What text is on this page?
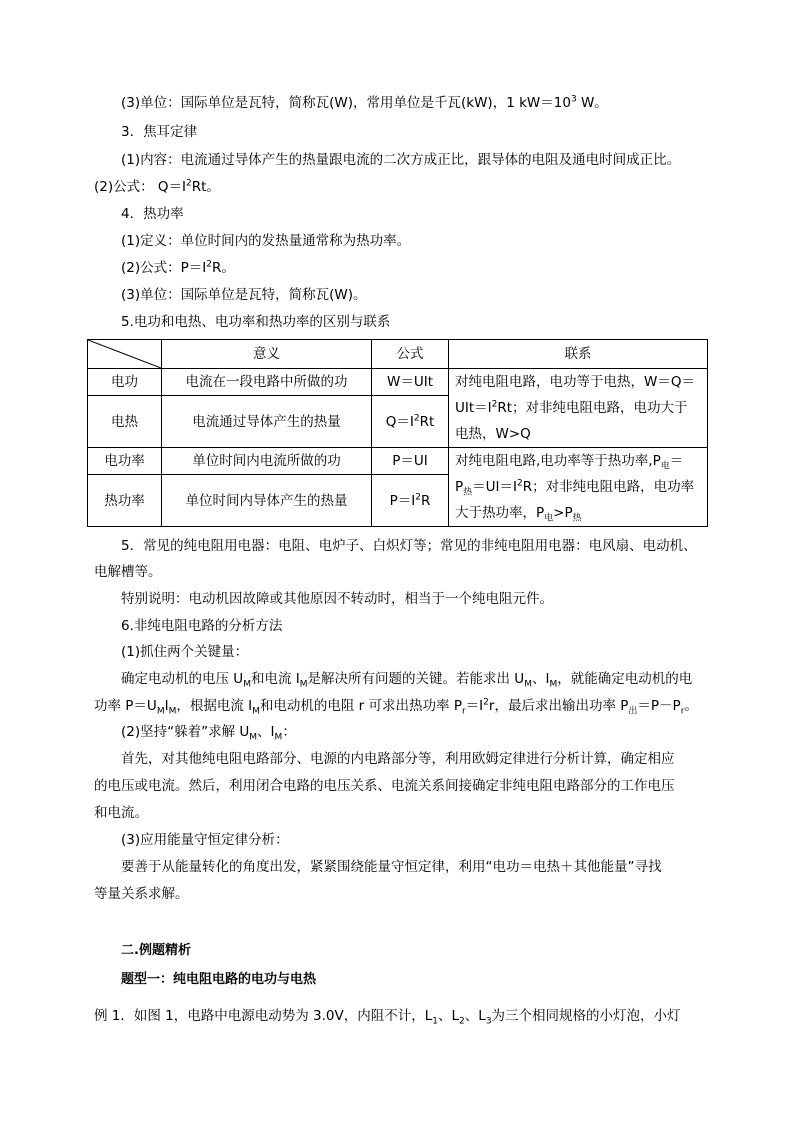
(3)单位：国际单位是瓦特，简称瓦(W)，常用单位是千瓦(kW)，1 $kW=10^3$ W。
3．焦耳定律
(1)内容：电流通过导体产生的热量跟电流的二次方成正比，跟导体的电阻及通电时间成正比。
(2)公式： $Q=I^2Rt$。
4．热功率
(1)定义：单位时间内的发热量通常称为热功率。
(2)公式：$P=I^2R$。
(3)单位：国际单位是瓦特，简称瓦(W)。
5.电功和电热、电功率和热功率的区别与联系
	意义	公式	联系
电功	电流在一段电路中所做的功	W＝UIt	对纯电阻电路，电功等于电热，W＝Q＝
$UIt=I^2Rt$；对非纯电阻电路，电功大于
电热，W>Q

电热	电流通过导体产生的热量	$Q=I^2Rt$	
电功率	单位时间内电流所做的功	P＝UI	对纯电阻电路,电功率等于热功率$,P_电=$
$P_热=UI=I^2R$；对非纯电阻电路，电功率
大于热功率，$P_电>P_热$

热功率	单位时间内导体产生的热量	$P=I^2R$	
5．常见的纯电阻用电器：电阻、电炉子、白炽灯等；常见的非纯电阻用电器：电风扇、电动机、
电解槽等。
特别说明：电动机因故障或其他原因不转动时，相当于一个纯电阻元件。
6.非纯电阻电路的分析方法
(1)抓住两个关键量：
确定电动机的电压 $U_M$和电流 $I_M$是解决所有问题的关键。若能求出 $U_M$、$I_M$，就能确定电动机的电
功率 $P=U_MI_M$，根据电流 $I_M$和电动机的电阻 r 可求出热功率 $P_r=I^2r$，最后求出输出功率 $P_出=P-P_r$。
(2)坚持“躲着”求解 $U_M$、$I_M$：
首先，对其他纯电阻电路部分、电源的内电路部分等，利用欧姆定律进行分析计算，确定相应
的电压或电流。然后，利用闭合电路的电压关系、电流关系间接确定非纯电阻电路部分的工作电压
和电流。
(3)应用能量守恒定律分析：
要善于从能量转化的角度出发，紧紧围绕能量守恒定律，利用“电功＝电热＋其他能量”寻找
等量关系求解。
二.例题精析
题型一：纯电阻电路的电功与电热
例 1．如图 1，电路中电源电动势为 3.0V，内阻不计，$L_1$、$L_2$、$L_3$为三个相同规格的小灯泡，小灯
